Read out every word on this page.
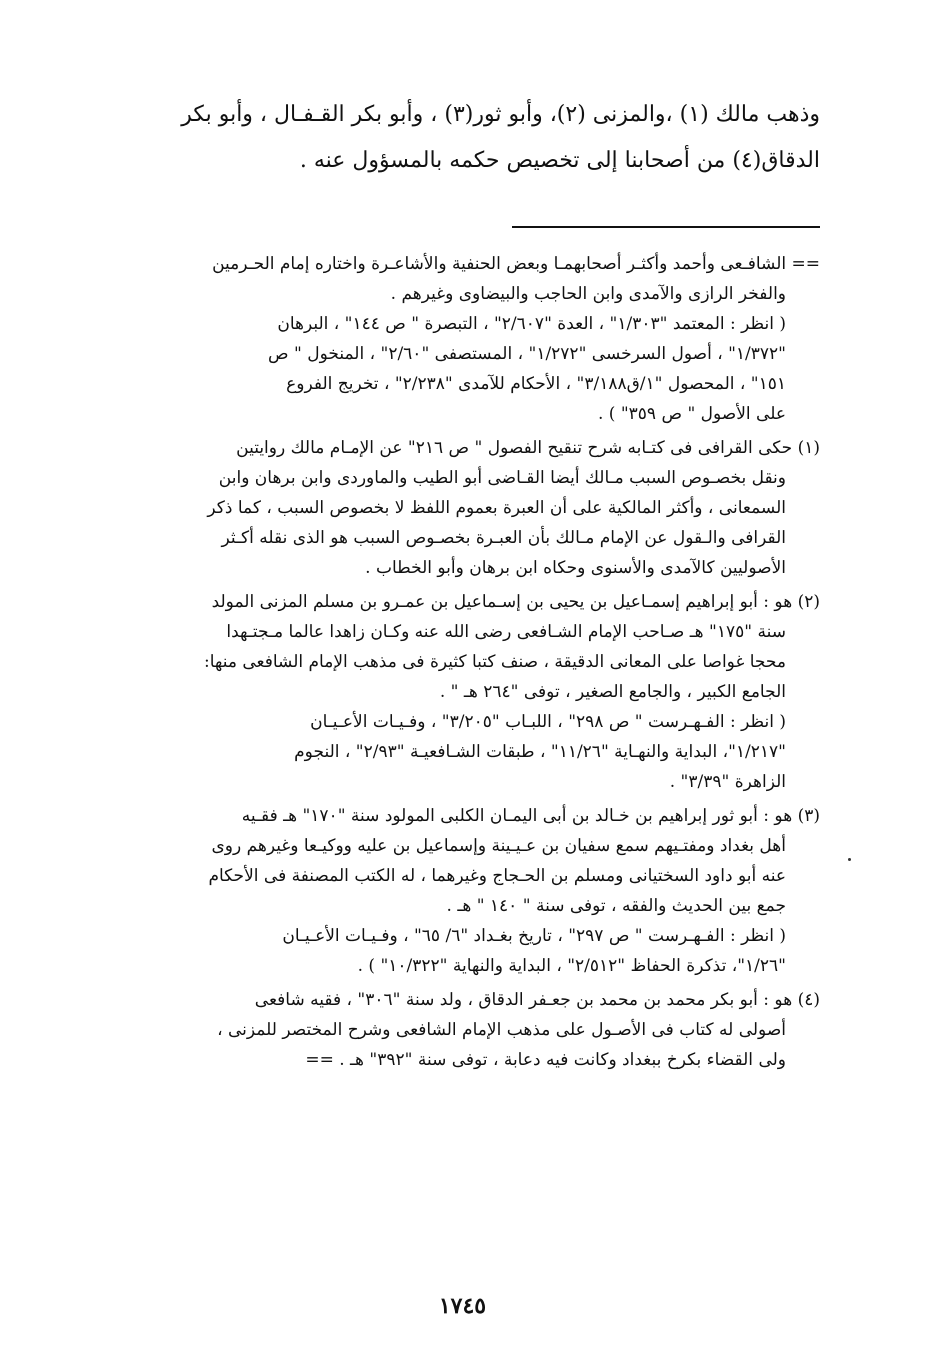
وذهب مالك (١) ،والمزنى (٢)، وأبو ثور(٣) ، وأبو بكر القـفـال ، وأبو بكر

الدقاق(٤) من أصحابنا إلى تخصيص حكمه بالمسؤول عنه .

== الشافـعى وأحمد وأكثـر أصحابهمـا وبعض الحنفية والأشاعـرة واختاره إمام الحـرمين
والفخر الرازى والآمدى وابن الحاجب والبيضاوى وغيرهم .
( انظر : المعتمد "١/٣٠٣" ، العدة "٢/٦٠٧" ، التبصرة " ص ١٤٤" ، البرهان
"١/٣٧٢" ، أصول السرخسى "١/٢٧٢" ، المستصفى "٢/٦٠" ، المنخول " ص
١٥١" ، المحصول "١/ق٣/١٨٨" ، الأحكام للآمدى "٢/٢٣٨" ، تخريج الفروع
على الأصول " ص ٣٥٩" ) .
(١) حكى القرافى فى كتـابه شرح تنقيح الفصول " ص ٢١٦" عن الإمـام مالك روايتين
ونقل بخصـوص السبب مـالك أيضا القـاضى أبو الطيب والماوردى وابن برهان وابن
السمعانى ، وأكثر المالكية على أن العبرة بعموم اللفظ لا بخصوص السبب ، كما ذكر
القرافى والـقول عن الإمام مـالك بأن العبـرة بخصـوص السبب هو الذى نقله أكـثر
الأصوليين كالآمدى والأسنوى وحكاه ابن برهان وأبو الخطاب .
(٢) هو : أبو إبراهيم إسمـاعيل بن يحيى بن إسـماعيل بن عمـرو بن مسلم المزنى المولد
سنة "١٧٥" هـ صـاحب الإمام الشـافعى رضى الله عنه وكـان زاهدا عالما مـجتـهدا
محجا غواصا على المعانى الدقيقة ، صنف كتبا كثيرة فى مذهب الإمام الشافعى منها:
الجامع الكبير ، والجامع الصغير ، توفى "٢٦٤ هـ " .
( انظر : الفـهـرست " ص ٢٩٨" ، اللبـاب "٣/٢٠٥" ، وفـيـات الأعـيـان
"١/٢١٧"، البداية والنهـاية "١١/٢٦" ، طبقات الشـافعيـة "٢/٩٣" ، النجوم
الزاهرة "٣/٣٩" .
(٣) هو : أبو ثور إبراهيم بن خـالد بن أبى اليمـان الكلبى المولود سنة "١٧٠" هـ فقـيه
أهل بغداد ومفتـيهم سمع سفيان بن عـيـينة وإسماعيل بن عليه ووكيـعا وغيرهم روى
عنه أبو داود السختيانى ومسلم بن الحـجاج وغيرهما ، له الكتب المصنفة فى الأحكام
جمع بين الحديث والفقه ، توفى سنة " ١٤٠ " هـ .
( انظر : الفـهـرست " ص ٢٩٧" ، تاريخ بغـداد "٦/ ٦٥" ، وفـيـات الأعـيـان
"١/٢٦"، تذكرة الحفاظ "٢/٥١٢" ، البداية والنهاية "١٠/٣٢٢" ) .
(٤) هو : أبو بكر محمد بن محمد بن جعـفر الدقاق ، ولد سنة "٣٠٦" ، فقيه شافعى
أصولى له كتاب فى الأصـول على مذهب الإمام الشافعى وشرح المختصر للمزنى ،
ولى القضاء بكرخ ببغداد وكانت فيه دعابة ، توفى سنة "٣٩٢" هـ . ==
١٧٤٥
